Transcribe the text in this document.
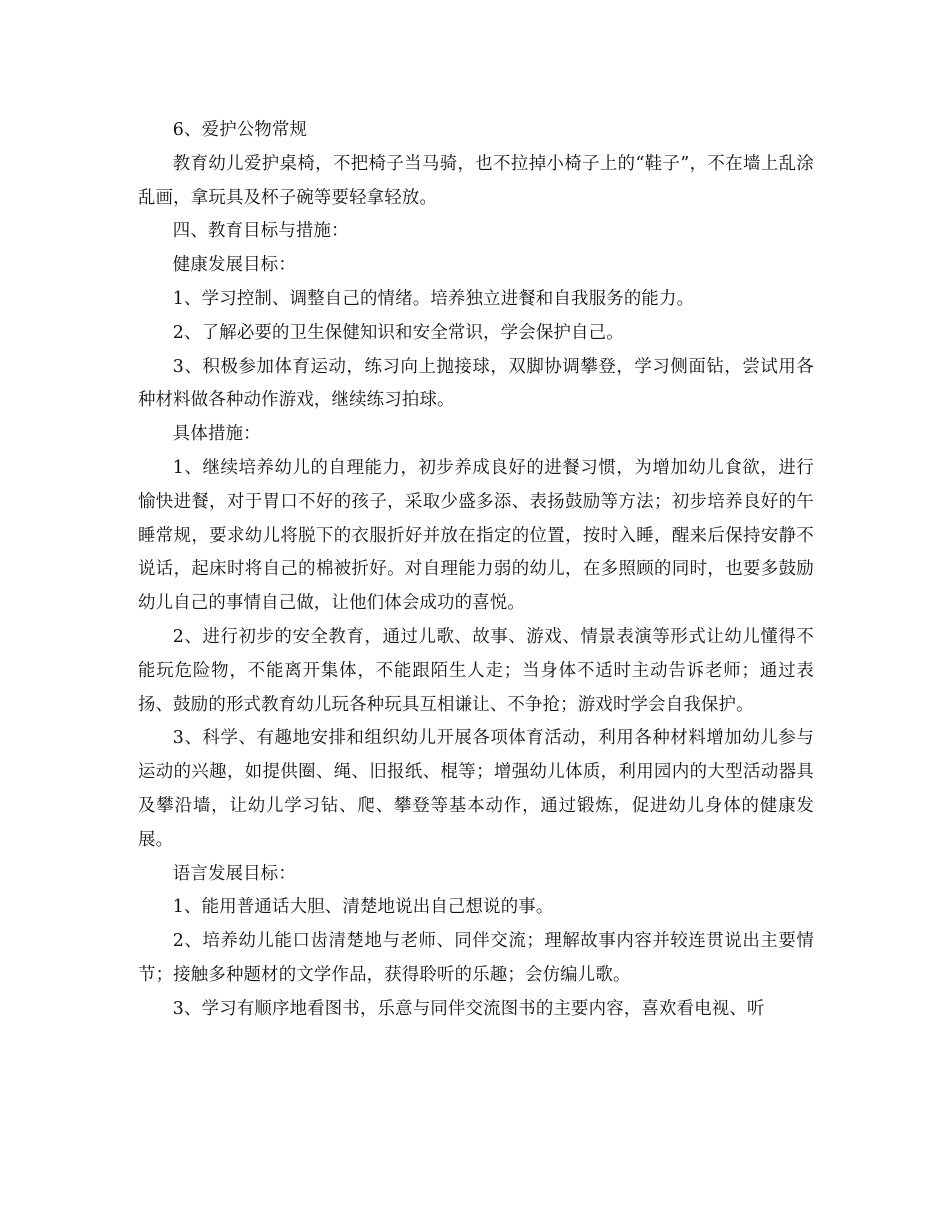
6、爱护公物常规

教育幼儿爱护桌椅，不把椅子当马骑，也不拉掉小椅子上的“鞋子”，不在墙上乱涂乱画，拿玩具及杯子碗等要轻拿轻放。

四、教育目标与措施：

健康发展目标：

1、学习控制、调整自己的情绪。培养独立进餐和自我服务的能力。

2、了解必要的卫生保健知识和安全常识，学会保护自己。

3、积极参加体育运动，练习向上抛接球，双脚协调攀登，学习侧面钻，尝试用各种材料做各种动作游戏，继续练习拍球。

具体措施：

1、继续培养幼儿的自理能力，初步养成良好的进餐习惯，为增加幼儿食欲，进行愉快进餐，对于胃口不好的孩子，采取少盛多添、表扬鼓励等方法；初步培养良好的午睡常规，要求幼儿将脱下的衣服折好并放在指定的位置，按时入睡，醒来后保持安静不说话，起床时将自己的棉被折好。对自理能力弱的幼儿，在多照顾的同时，也要多鼓励幼儿自己的事情自己做，让他们体会成功的喜悦。

2、进行初步的安全教育，通过儿歌、故事、游戏、情景表演等形式让幼儿懂得不能玩危险物，不能离开集体，不能跟陌生人走；当身体不适时主动告诉老师；通过表扬、鼓励的形式教育幼儿玩各种玩具互相谦让、不争抢；游戏时学会自我保护。

3、科学、有趣地安排和组织幼儿开展各项体育活动，利用各种材料增加幼儿参与运动的兴趣，如提供圈、绳、旧报纸、棍等；增强幼儿体质，利用园内的大型活动器具及攀沿墙，让幼儿学习钻、爬、攀登等基本动作，通过锻炼，促进幼儿身体的健康发展。

语言发展目标：

1、能用普通话大胆、清楚地说出自己想说的事。

2、培养幼儿能口齿清楚地与老师、同伴交流；理解故事内容并较连贯说出主要情节；接触多种题材的文学作品，获得聆听的乐趣；会仿编儿歌。

3、学习有顺序地看图书，乐意与同伴交流图书的主要内容，喜欢看电视、听
